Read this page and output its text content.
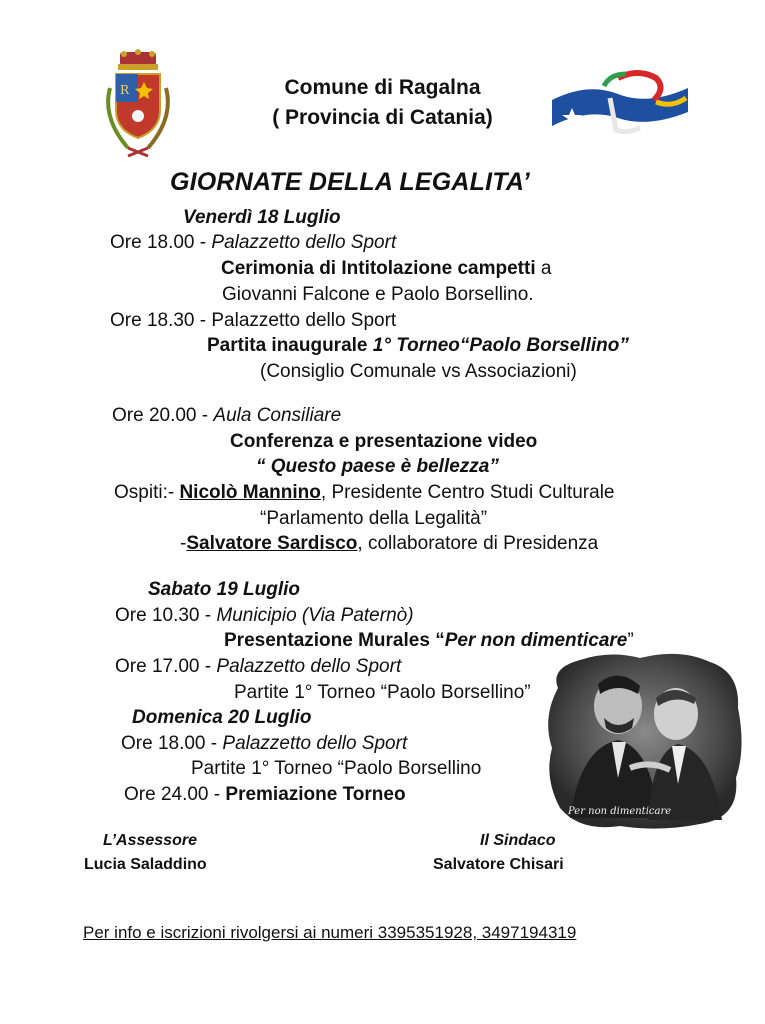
R	Comune di Ragalna
( Provincia di Catania)
GIORNATE DELLA LEGALITA’
Venerdì 18 Luglio
Ore 18.00 - Palazzetto dello Sport
Cerimonia di Intitolazione campetti a
Giovanni Falcone e Paolo Borsellino.
Ore 18.30 - Palazzetto dello Sport
Partita inaugurale 1° Torneo“Paolo Borsellino”
(Consiglio Comunale vs Associazioni)
Ore 20.00 - Aula Consiliare
Conferenza e presentazione video
“ Questo paese è bellezza”
Ospiti:- Nicolò Mannino, Presidente Centro Studi Culturale
“Parlamento della Legalità”
-Salvatore Sardisco, collaboratore di Presidenza
Sabato 19 Luglio
Ore 10.30 - Municipio (Via Paternò)
Presentazione Murales “Per non dimenticare”
Ore 17.00 - Palazzetto dello Sport
Partite 1° Torneo “Paolo Borsellino”
Per non dimenticare
Domenica 20 Luglio
Ore 18.00 - Palazzetto dello Sport
Partite 1° Torneo “Paolo Borsellino
Ore 24.00 - Premiazione Torneo
L’Assessore
Lucia Saladdino
Il Sindaco
Salvatore Chisari
Per info e iscrizioni rivolgersi ai numeri 3395351928, 3497194319
